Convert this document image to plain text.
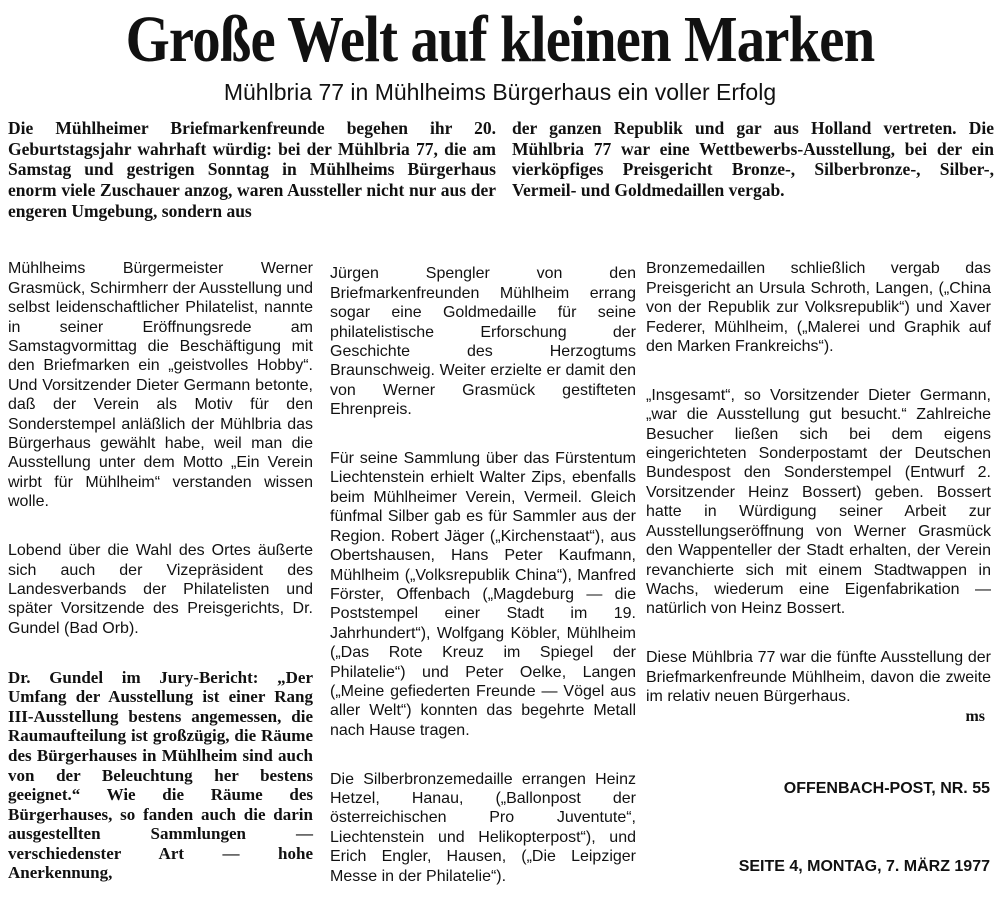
Große Welt auf kleinen Marken
Mühlbria 77 in Mühlheims Bürgerhaus ein voller Erfolg
Die Mühlheimer Briefmarkenfreunde begehen ihr 20. Geburtstagsjahr wahrhaft würdig: bei der Mühlbria 77, die am Samstag und gestrigen Sonntag in Mühlheims Bürgerhaus enorm viele Zuschauer anzog, waren Aussteller nicht nur aus der engeren Umgebung, sondern aus
der ganzen Republik und gar aus Holland vertreten. Die Mühlbria 77 war eine Wettbewerbs-Ausstellung, bei der ein vierköpfiges Preisgericht Bronze-, Silberbronze-, Silber-, Vermeil- und Goldmedaillen vergab.

Mühlheims Bürgermeister Werner Grasmück, Schirmherr der Ausstellung und selbst leidenschaftlicher Philatelist, nannte in seiner Eröffnungsrede am Samstagvormittag die Beschäftigung mit den Briefmarken ein „geistvolles Hobby“. Und Vorsitzender Dieter Germann betonte, daß der Verein als Motiv für den Sonderstempel anläßlich der Mühlbria das Bürgerhaus gewählt habe, weil man die Ausstellung unter dem Motto „Ein Verein wirbt für Mühlheim“ verstanden wissen wolle.

Lobend über die Wahl des Ortes äußerte sich auch der Vizepräsident des Landesverbands der Philatelisten und später Vorsitzende des Preisgerichts, Dr. Gundel (Bad Orb).

Dr. Gundel im Jury-Bericht: „Der Umfang der Ausstellung ist einer Rang III-Ausstellung bestens angemessen, die Raumaufteilung ist großzügig, die Räume des Bürgerhauses in Mühlheim sind auch von der Beleuchtung her bestens geeignet.“ Wie die Räume des Bürgerhauses, so fanden auch die darin ausgestellten Sammlungen — verschiedenster Art — hohe Anerkennung,

Jürgen Spengler von den Briefmarkenfreunden Mühlheim errang sogar eine Goldmedaille für seine philatelistische Erforschung der Geschichte des Herzogtums Braunschweig. Weiter erzielte er damit den von Werner Grasmück gestifteten Ehrenpreis.

Für seine Sammlung über das Fürstentum Liechtenstein erhielt Walter Zips, ebenfalls beim Mühlheimer Verein, Vermeil. Gleich fünfmal Silber gab es für Sammler aus der Region. Robert Jäger („Kirchenstaat“), aus Obertshausen, Hans Peter Kaufmann, Mühlheim („Volksrepublik China“), Manfred Förster, Offenbach („Magdeburg — die Poststempel einer Stadt im 19. Jahrhundert“), Wolfgang Köbler, Mühlheim („Das Rote Kreuz im Spiegel der Philatelie“) und Peter Oelke, Langen („Meine gefiederten Freunde — Vögel aus aller Welt“) konnten das begehrte Metall nach Hause tragen.

Die Silberbronzemedaille errangen Heinz Hetzel, Hanau, („Ballonpost der österreichischen Pro Juventute“, Liechtenstein und Helikopterpost“), und Erich Engler, Hausen, („Die Leipziger Messe in der Philatelie“).

Bronzemedaillen schließlich vergab das Preisgericht an Ursula Schroth, Langen, („China von der Republik zur Volksrepublik“) und Xaver Federer, Mühlheim, („Malerei und Graphik auf den Marken Frankreichs“).

„Insgesamt“, so Vorsitzender Dieter Germann, „war die Ausstellung gut besucht.“ Zahlreiche Besucher ließen sich bei dem eigens eingerichteten Sonderpostamt der Deutschen Bundespost den Sonderstempel (Entwurf 2. Vorsitzender Heinz Bossert) geben. Bossert hatte in Würdigung seiner Arbeit zur Ausstellungseröffnung von Werner Grasmück den Wappenteller der Stadt erhalten, der Verein revanchierte sich mit einem Stadtwappen in Wachs, wiederum eine Eigenfabrikation — natürlich von Heinz Bossert.

Diese Mühlbria 77 war die fünfte Ausstellung der Briefmarkenfreunde Mühlheim, davon die zweite im relativ neuen Bürgerhaus.

ms

OFFENBACH-POST, NR. 55
SEITE 4, MONTAG, 7. MÄRZ 1977
